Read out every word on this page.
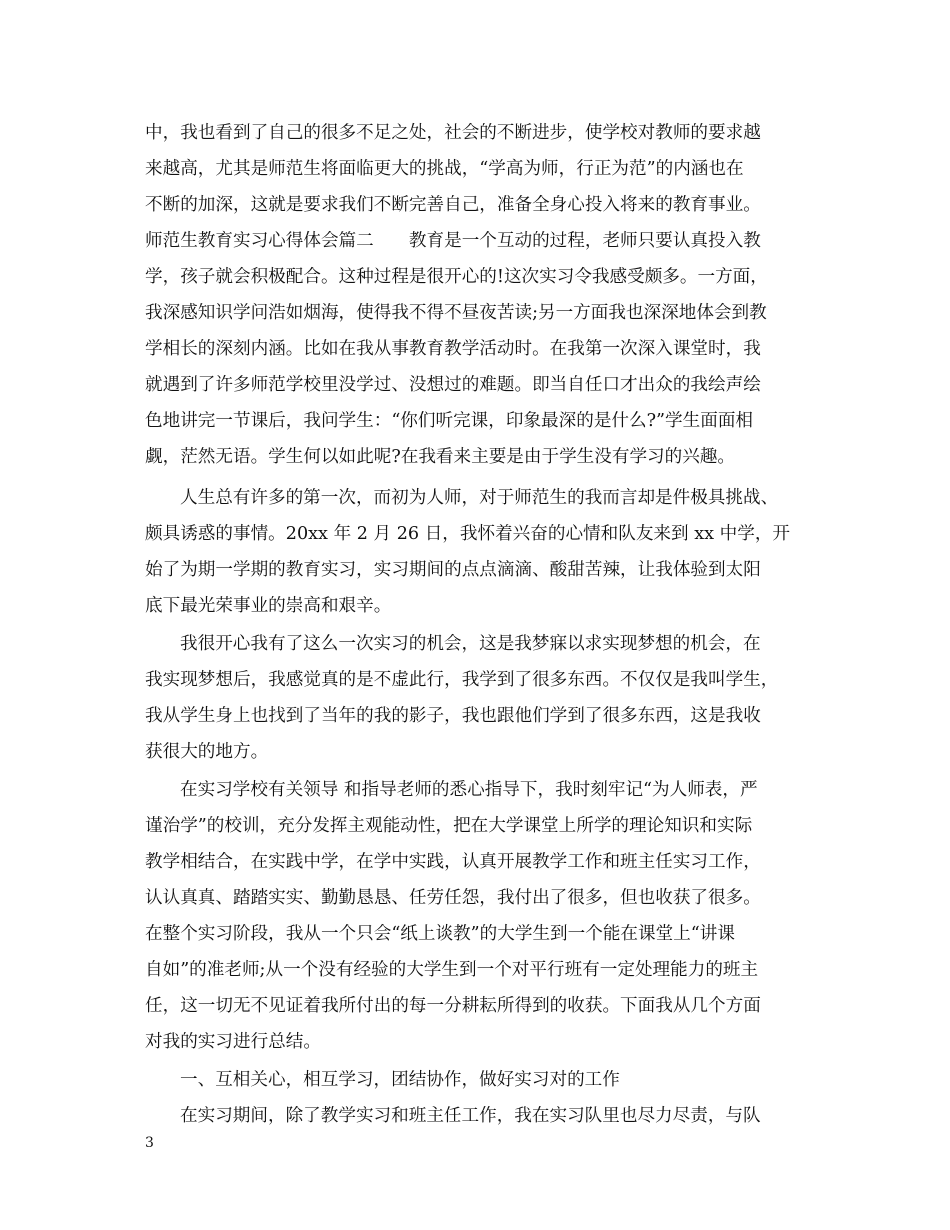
中，我也看到了自己的很多不足之处，社会的不断进步，使学校对教师的要求越
来越高，尤其是师范生将面临更大的挑战，“学高为师，行正为范”的内涵也在
不断的加深，这就是要求我们不断完善自己，准备全身心投入将来的教育事业。
师范生教育实习心得体会篇二　　教育是一个互动的过程，老师只要认真投入教
学，孩子就会积极配合。这种过程是很开心的!这次实习令我感受颇多。一方面，
我深感知识学问浩如烟海，使得我不得不昼夜苦读;另一方面我也深深地体会到教
学相长的深刻内涵。比如在我从事教育教学活动时。在我第一次深入课堂时，我
就遇到了许多师范学校里没学过、没想过的难题。即当自任口才出众的我绘声绘
色地讲完一节课后，我问学生：“你们听完课，印象最深的是什么?”学生面面相
觑，茫然无语。学生何以如此呢?在我看来主要是由于学生没有学习的兴趣。
人生总有许多的第一次，而初为人师，对于师范生的我而言却是件极具挑战、
颇具诱惑的事情。20xx 年 2 月 26 日，我怀着兴奋的心情和队友来到 xx 中学，开
始了为期一学期的教育实习，实习期间的点点滴滴、酸甜苦辣，让我体验到太阳
底下最光荣事业的崇高和艰辛。
我很开心我有了这么一次实习的机会，这是我梦寐以求实现梦想的机会，在
我实现梦想后，我感觉真的是不虚此行，我学到了很多东西。不仅仅是我叫学生，
我从学生身上也找到了当年的我的影子，我也跟他们学到了很多东西，这是我收
获很大的地方。
在实习学校有关领导 和指导老师的悉心指导下，我时刻牢记“为人师表，严
谨治学”的校训，充分发挥主观能动性，把在大学课堂上所学的理论知识和实际
教学相结合，在实践中学，在学中实践，认真开展教学工作和班主任实习工作，
认认真真、踏踏实实、勤勤恳恳、任劳任怨，我付出了很多，但也收获了很多。
在整个实习阶段，我从一个只会“纸上谈教”的大学生到一个能在课堂上“讲课
自如”的准老师;从一个没有经验的大学生到一个对平行班有一定处理能力的班主
任，这一切无不见证着我所付出的每一分耕耘所得到的收获。下面我从几个方面
对我的实习进行总结。
一、互相关心，相互学习，团结协作，做好实习对的工作
在实习期间，除了教学实习和班主任工作，我在实习队里也尽力尽责，与队
3
